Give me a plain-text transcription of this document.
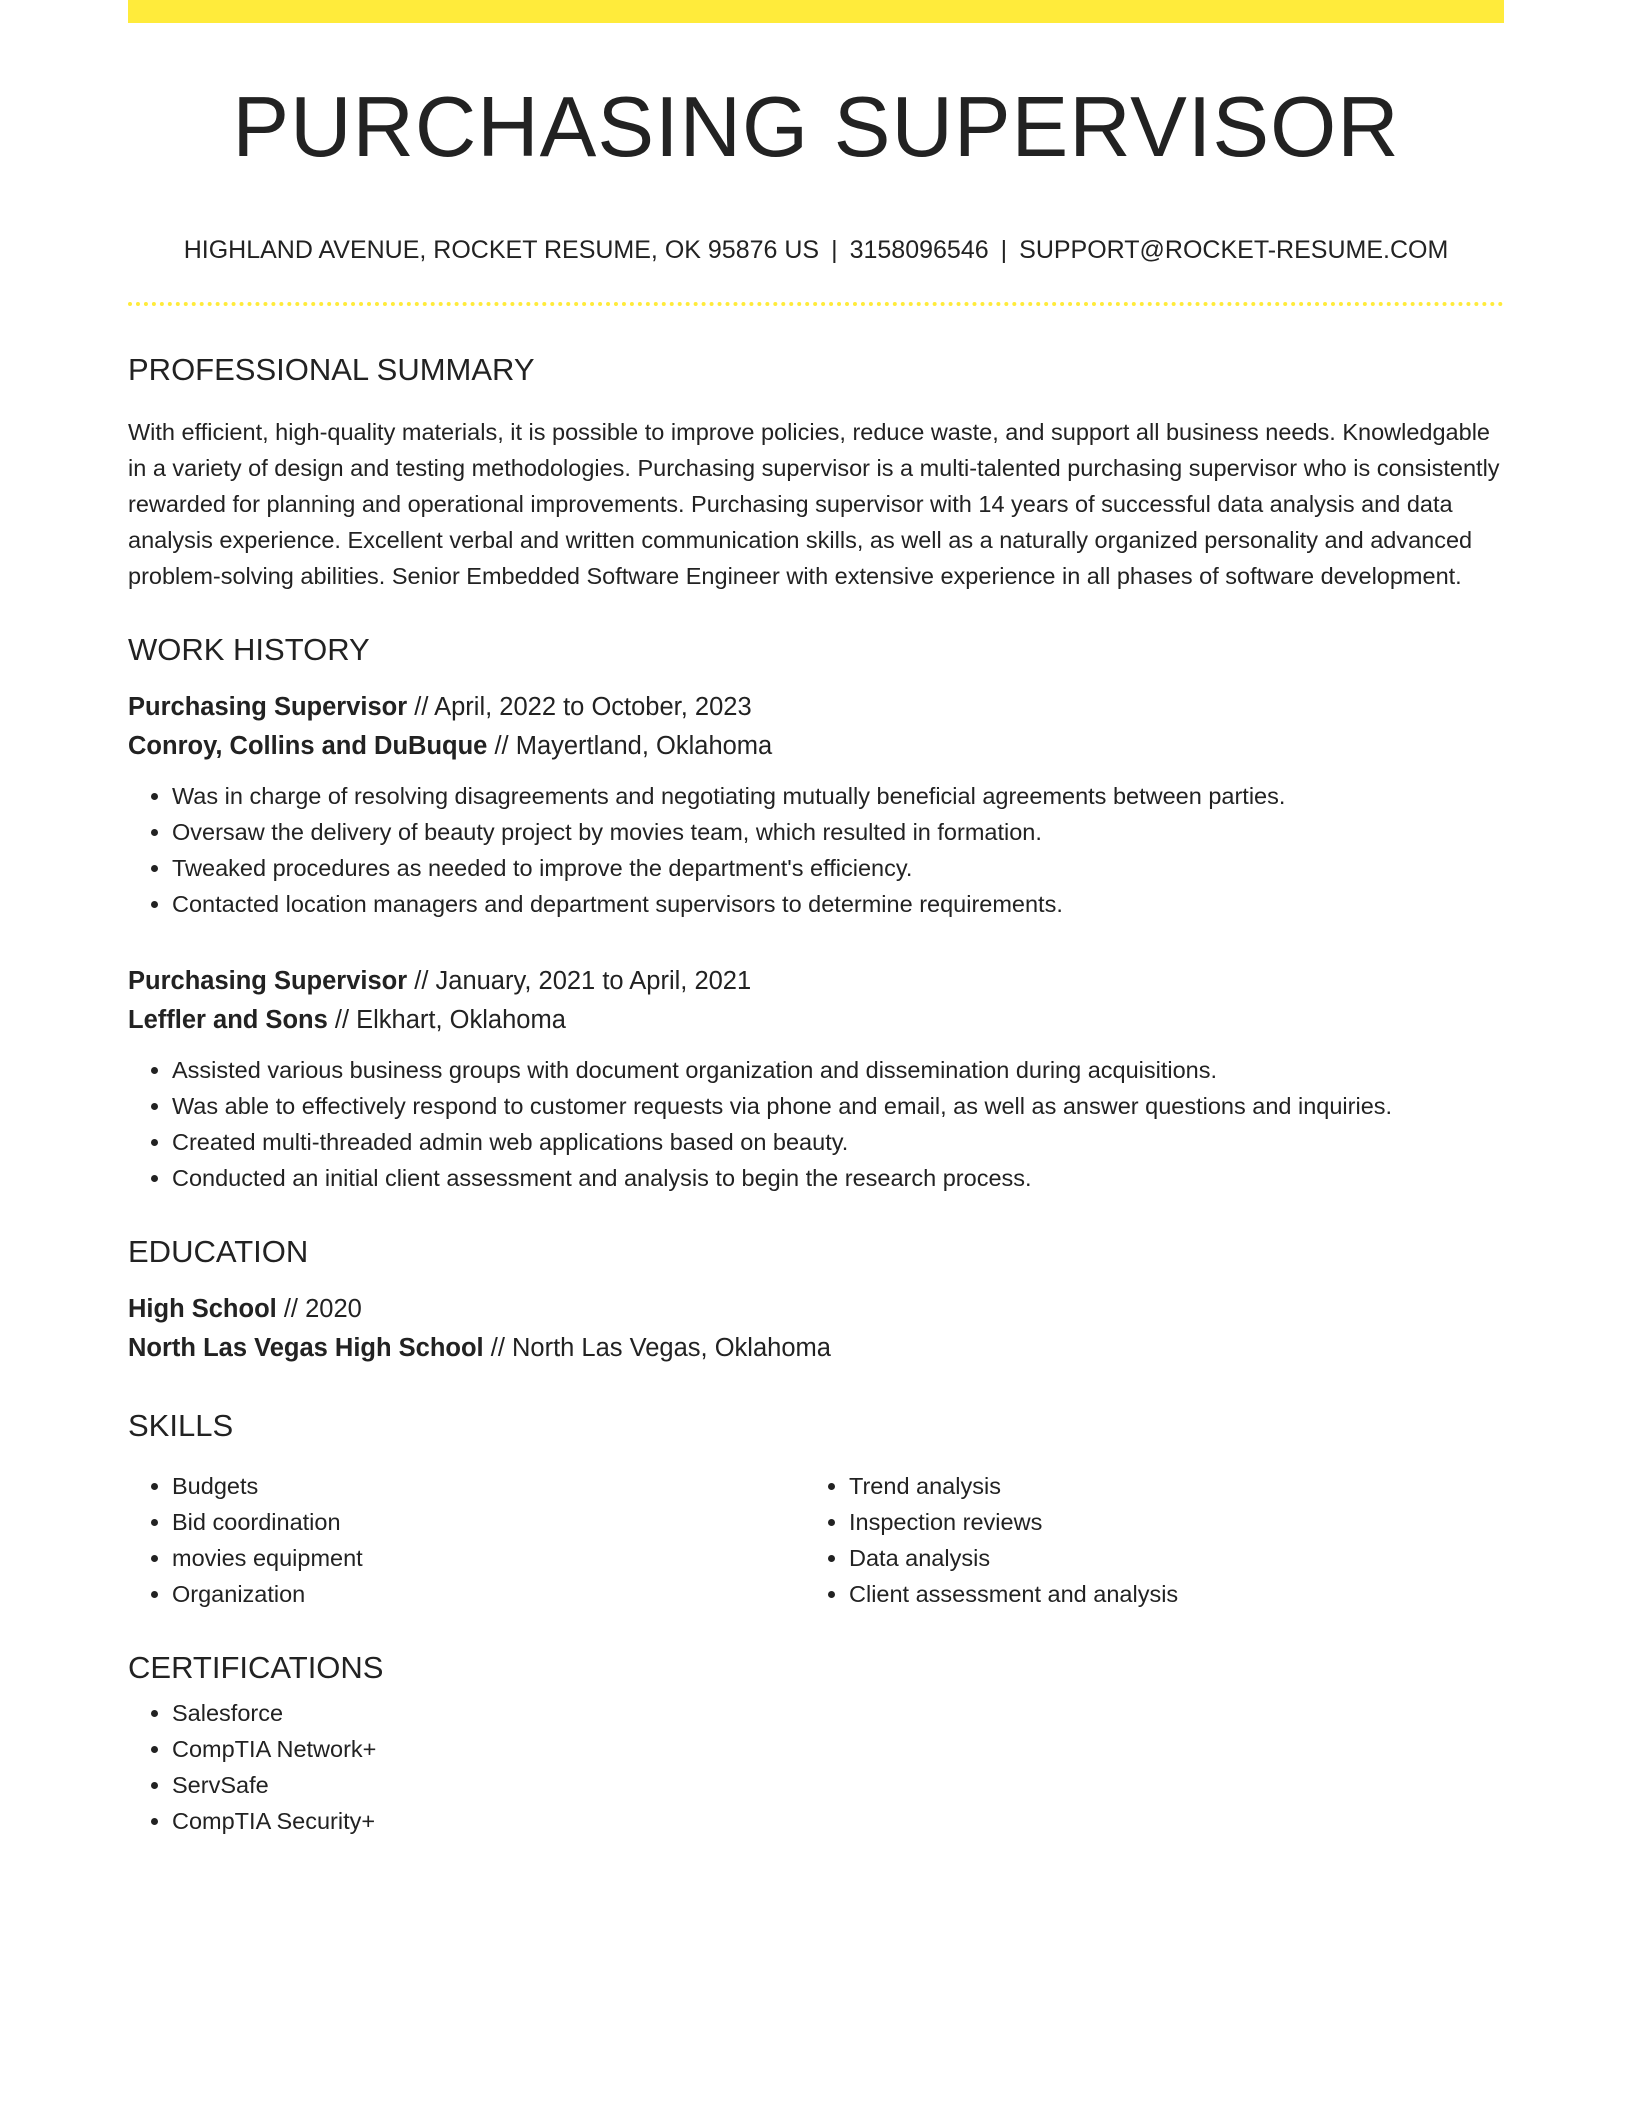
PURCHASING SUPERVISOR
HIGHLAND AVENUE, ROCKET RESUME, OK 95876 US | 3158096546 | SUPPORT@ROCKET-RESUME.COM
PROFESSIONAL SUMMARY
With efficient, high-quality materials, it is possible to improve policies, reduce waste, and support all business needs. Knowledgable in a variety of design and testing methodologies. Purchasing supervisor is a multi-talented purchasing supervisor who is consistently rewarded for planning and operational improvements. Purchasing supervisor with 14 years of successful data analysis and data analysis experience. Excellent verbal and written communication skills, as well as a naturally organized personality and advanced problem-solving abilities. Senior Embedded Software Engineer with extensive experience in all phases of software development.
WORK HISTORY
Purchasing Supervisor // April, 2022 to October, 2023
Conroy, Collins and DuBuque // Mayertland, Oklahoma
• Was in charge of resolving disagreements and negotiating mutually beneficial agreements between parties.
• Oversaw the delivery of beauty project by movies team, which resulted in formation.
• Tweaked procedures as needed to improve the department's efficiency.
• Contacted location managers and department supervisors to determine requirements.
Purchasing Supervisor // January, 2021 to April, 2021
Leffler and Sons // Elkhart, Oklahoma
• Assisted various business groups with document organization and dissemination during acquisitions.
• Was able to effectively respond to customer requests via phone and email, as well as answer questions and inquiries.
• Created multi-threaded admin web applications based on beauty.
• Conducted an initial client assessment and analysis to begin the research process.
EDUCATION
High School // 2020
North Las Vegas High School // North Las Vegas, Oklahoma
SKILLS
• Budgets
• Bid coordination
• movies equipment
• Organization
• Trend analysis
• Inspection reviews
• Data analysis
• Client assessment and analysis
CERTIFICATIONS
• Salesforce
• CompTIA Network+
• ServSafe
• CompTIA Security+
